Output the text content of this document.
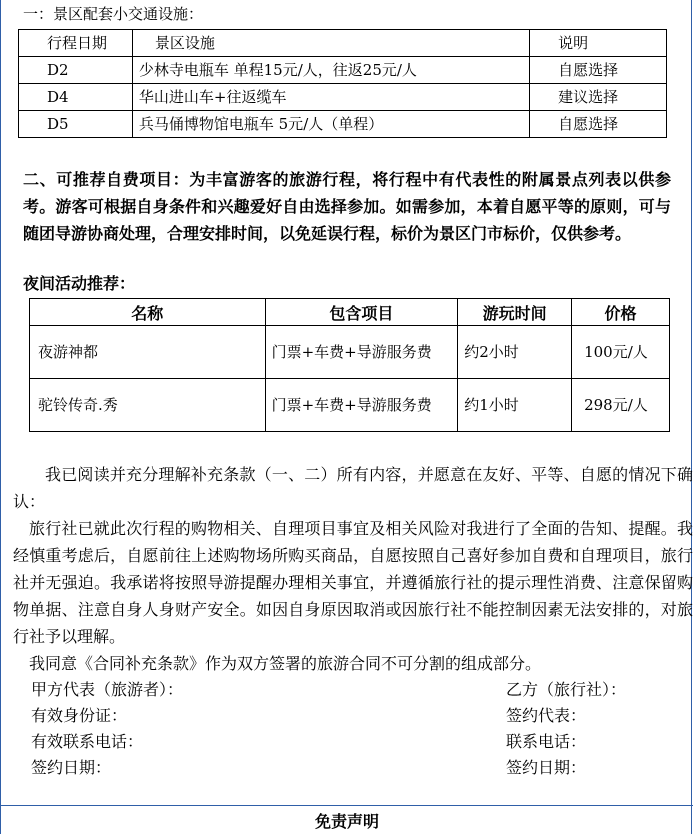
一：景区配套小交通设施：
行程日期	景区设施	说明
D2	少林寺电瓶车 单程15元/人，往返25元/人	自愿选择
D4	华山进山车+往返缆车	建议选择
D5	兵马俑博物馆电瓶车 5元/人（单程）	自愿选择
二、可推荐自费项目：为丰富游客的旅游行程，将行程中有代表性的附属景点列表以供参考。游客可根据自身条件和兴趣爱好自由选择参加。如需参加，本着自愿平等的原则，可与随团导游协商处理，合理安排时间，以免延误行程，标价为景区门市标价，仅供参考。
夜间活动推荐：
名称	包含项目	游玩时间	价格
夜游神都	门票+车费+导游服务费	约2小时	100元/人
驼铃传奇.秀	门票+车费+导游服务费	约1小时	298元/人

我已阅读并充分理解补充条款（一、二）所有内容，并愿意在友好、平等、自愿的情况下确认：

旅行社已就此次行程的购物相关、自理项目事宜及相关风险对我进行了全面的告知、提醒。我经慎重考虑后，自愿前往上述购物场所购买商品，自愿按照自己喜好参加自费和自理项目，旅行社并无强迫。我承诺将按照导游提醒办理相关事宜，并遵循旅行社的提示理性消费、注意保留购物单据、注意自身人身财产安全。如因自身原因取消或因旅行社不能控制因素无法安排的，对旅行社予以理解。

我同意《合同补充条款》作为双方签署的旅游合同不可分割的组成部分。

甲方代表（旅游者）：
有效身份证：
有效联系电话：
签约日期：
乙方（旅行社）：
签约代表：
联系电话：
签约日期：
免责声明
